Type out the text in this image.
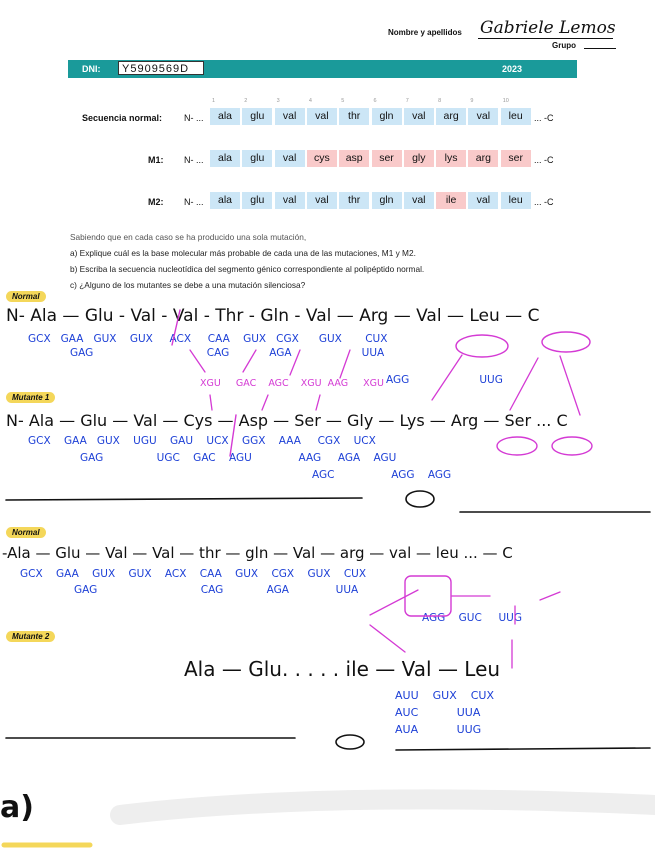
Nombre y apellidos Gabriele Lemos
Grupo
DNI:	Y5909569D	2023
1	2	3	4	5	6	7	8	9	10
Secuencia normal: N- ...	... -C
ala	glu	val	val	thr	gln	val	arg	val	leu
M1: N- ...	... -C
ala	glu	val	cys	asp	ser	gly	lys	arg	ser
M2: N- ...	... -C
ala	glu	val	val	thr	gln	val	ile	val	leu
Sabiendo que en cada caso se ha producido una sola mutación,
a) Explique cuál es la base molecular más probable de cada una de las mutaciones, M1 y M2.
b) Escriba la secuencia nucleotídica del segmento génico correspondiente al polipéptido normal.
c) ¿Alguno de los mutantes se debe a una mutación silenciosa?
Normal
N- Ala — Glu - Val - Val - Thr - Gln - Val — Arg — Val — Leu — C
GCX   GAA   GUX    GUX     ACX     CAA    GUX   CGX      GUX       CUX
GAG                                  CAG            AGA                     UUA
AGG                     UUG
XGU     GAC    AGC    XGU  AAG     XGU
Mutante 1
N- Ala — Glu — Val — Cys — Asp — Ser — Gly — Lys — Arg — Ser ... C
GCX    GAA   GUX    UGU    GAU    UCX    GGX    AAA     CGX    UCX
GAG                UGC    GAC    AGU              AAG     AGA    AGU
AGC                 AGG    AGG
Normal
-Ala — Glu — Val — Val — thr — gln — Val — arg — val — leu ... — C
GCX    GAA    GUX    GUX    ACX    CAA    GUX    CGX    GUX    CUX
GAG                               CAG             AGA              UUA
AGG    GUC     UUG
Mutante 2
Ala — Glu. . . . . ile — Val — Leu
AUU    GUX    CUX
AUC           UUA
AUA           UUG
a)
